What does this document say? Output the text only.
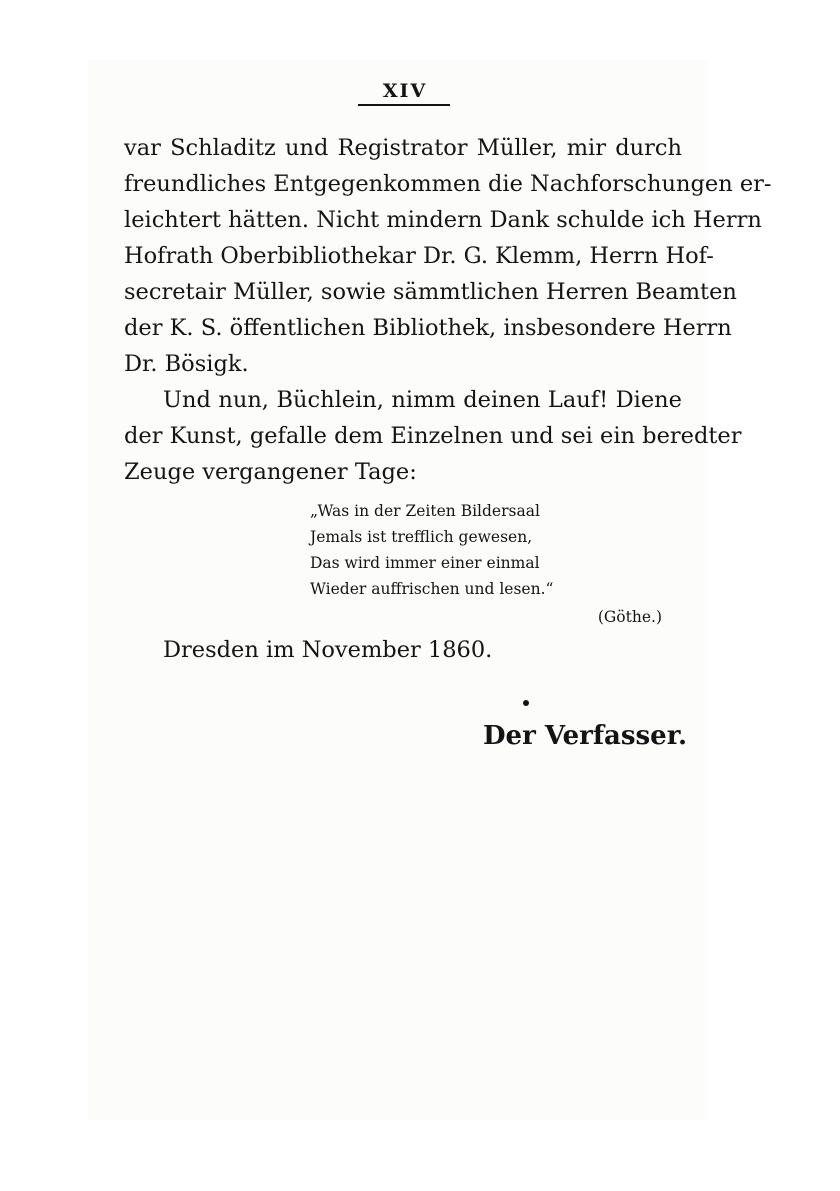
XIV
var Schladitz und Registrator Müller, mir durch
freundliches Entgegenkommen die Nachforschungen er-
leichtert hätten. Nicht mindern Dank schulde ich Herrn
Hofrath Oberbibliothekar Dr. G. Klemm, Herrn Hof-
secretair Müller, sowie sämmtlichen Herren Beamten
der K. S. öffentlichen Bibliothek, insbesondere Herrn
Dr. Bösigk.
Und nun, Büchlein, nimm deinen Lauf! Diene
der Kunst, gefalle dem Einzelnen und sei ein beredter
Zeuge vergangener Tage:
„Was in der Zeiten Bildersaal
Jemals ist trefflich gewesen,
Das wird immer einer einmal
Wieder auffrischen und lesen.“
(Göthe.)
Dresden im November 1860.
Der Verfasser.
